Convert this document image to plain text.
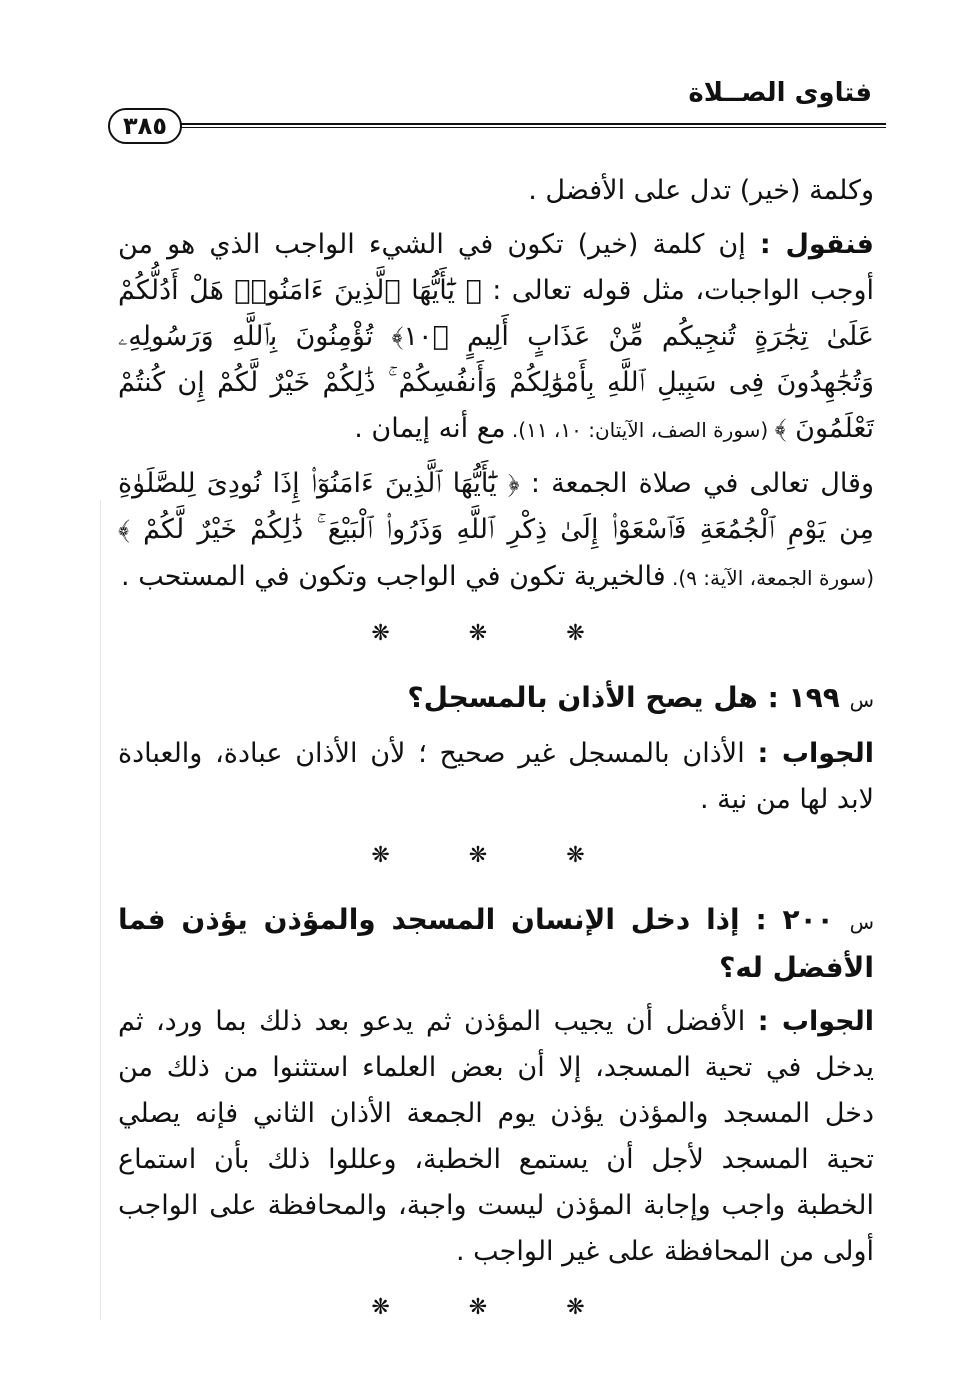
فتاوى الصــلاة
٣٨٥

وكلمة (خير) تدل على الأفضل .

فنقول : إن كلمة (خير) تكون في الشيء الواجب الذي هو من أوجب الواجبات، مثل قوله تعالى : ﴿ يَٰٓأَيُّهَا ٱلَّذِينَ ءَامَنُوا۟ هَلْ أَدُلُّكُمْ عَلَىٰ تِجَٰرَةٍ تُنجِيكُم مِّنْ عَذَابٍ أَلِيمٍ ﴿١٠﴾ تُؤْمِنُونَ بِٱللَّهِ وَرَسُولِهِۦ وَتُجَٰهِدُونَ فِى سَبِيلِ ٱللَّهِ بِأَمْوَٰلِكُمْ وَأَنفُسِكُمْ ۚ ذَٰلِكُمْ خَيْرٌ لَّكُمْ إِن كُنتُمْ تَعْلَمُونَ ﴾ (سورة الصف، الآيتان: ١٠، ١١). مع أنه إيمان .

وقال تعالى في صلاة الجمعة : ﴿ يَٰٓأَيُّهَا ٱلَّذِينَ ءَامَنُوٓا۟ إِذَا نُودِىَ لِلصَّلَوٰةِ مِن يَوْمِ ٱلْجُمُعَةِ فَٱسْعَوْا۟ إِلَىٰ ذِكْرِ ٱللَّهِ وَذَرُوا۟ ٱلْبَيْعَ ۚ ذَٰلِكُمْ خَيْرٌ لَّكُمْ ﴾ (سورة الجمعة، الآية: ٩). فالخيرية تكون في الواجب وتكون في المستحب .

❋ ❋ ❋

س ١٩٩ : هل يصح الأذان بالمسجل؟

الجواب : الأذان بالمسجل غير صحيح ؛ لأن الأذان عبادة، والعبادة لابد لها من نية .

❋ ❋ ❋

س ٢٠٠ : إذا دخل الإنسان المسجد والمؤذن يؤذن فما الأفضل له؟

الجواب : الأفضل أن يجيب المؤذن ثم يدعو بعد ذلك بما ورد، ثم يدخل في تحية المسجد، إلا أن بعض العلماء استثنوا من ذلك من دخل المسجد والمؤذن يؤذن يوم الجمعة الأذان الثاني فإنه يصلي تحية المسجد لأجل أن يستمع الخطبة، وعللوا ذلك بأن استماع الخطبة واجب وإجابة المؤذن ليست واجبة، والمحافظة على الواجب أولى من المحافظة على غير الواجب .

❋ ❋ ❋
